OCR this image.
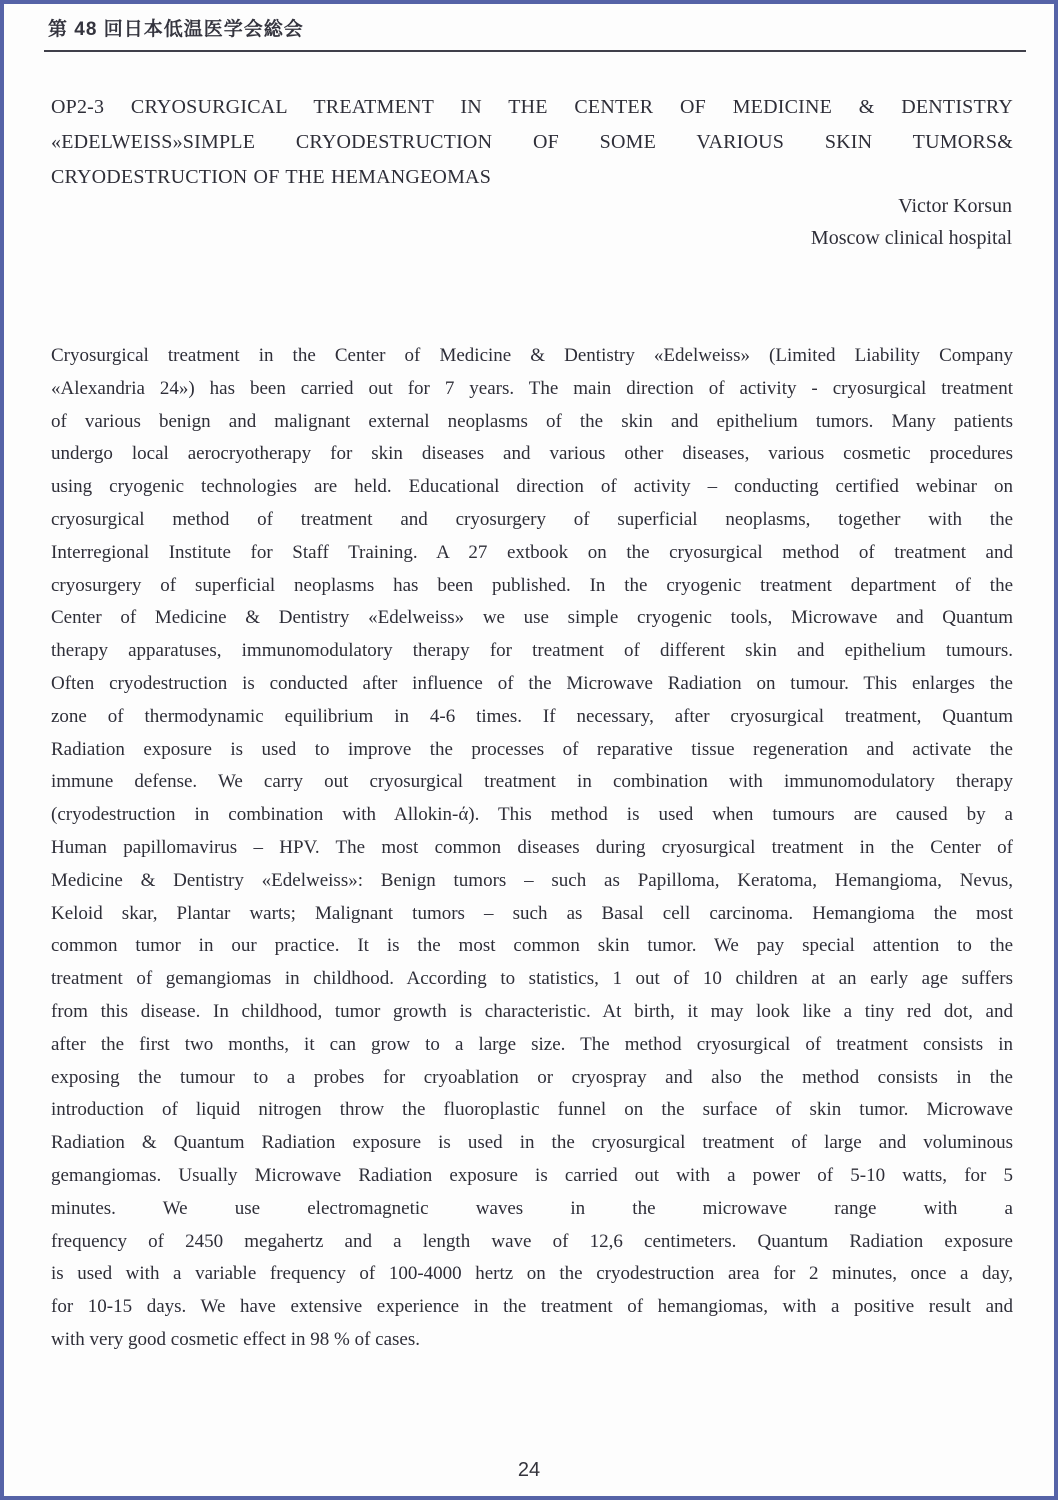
第 48 回日本低温医学会総会
OP2-3 CRYOSURGICAL TREATMENT IN THE CENTER OF MEDICINE & DENTISTRY
«EDELWEISS»SIMPLE CRYODESTRUCTION OF SOME VARIOUS SKIN TUMORS&
CRYODESTRUCTION OF THE HEMANGEOMAS
Victor Korsun
Moscow clinical hospital
Cryosurgical treatment in the Center of Medicine & Dentistry «Edelweiss» (Limited Liability Company
«Alexandria 24») has been carried out for 7 years. The main direction of activity - cryosurgical treatment
of various benign and malignant external neoplasms of the skin and epithelium tumors. Many patients
undergo local aerocryotherapy for skin diseases and various other diseases, various cosmetic procedures
using cryogenic technologies are held. Educational direction of activity – conducting certified webinar on
cryosurgical method of treatment and cryosurgery of superficial neoplasms, together with the
Interregional Institute for Staff Training. A 27 extbook on the cryosurgical method of treatment and
cryosurgery of superficial neoplasms has been published. In the cryogenic treatment department of the
Center of Medicine & Dentistry «Edelweiss» we use simple cryogenic tools, Microwave and Quantum
therapy apparatuses, immunomodulatory therapy for treatment of different skin and epithelium tumours.
Often cryodestruction is conducted after influence of the Microwave Radiation on tumour. This enlarges the
zone of thermodynamic equilibrium in 4-6 times. If necessary, after cryosurgical treatment, Quantum
Radiation exposure is used to improve the processes of reparative tissue regeneration and activate the
immune defense. We carry out cryosurgical treatment in combination with immunomodulatory therapy
(cryodestruction in combination with Allokin-ά). This method is used when tumours are caused by a
Human papillomavirus – HPV. The most common diseases during cryosurgical treatment in the Center of
Medicine & Dentistry «Edelweiss»: Benign tumors – such as Papilloma, Keratoma, Hemangioma, Nevus,
Keloid skar, Plantar warts; Malignant tumors – such as Basal cell carcinoma. Hemangioma the most
common tumor in our practice. It is the most common skin tumor. We pay special attention to the
treatment of gemangiomas in childhood. According to statistics, 1 out of 10 children at an early age suffers
from this disease. In childhood, tumor growth is characteristic. At birth, it may look like a tiny red dot, and
after the first two months, it can grow to a large size. The method cryosurgical of treatment consists in
exposing the tumour to a probes for cryoablation or cryospray and also the method consists in the
introduction of liquid nitrogen throw the fluoroplastic funnel on the surface of skin tumor. Microwave
Radiation & Quantum Radiation exposure is used in the cryosurgical treatment of large and voluminous
gemangiomas. Usually Microwave Radiation exposure is carried out with a power of 5-10 watts, for 5
minutes. We use electromagnetic waves in the microwave range with a
frequency of 2450 megahertz and a length wave of 12,6 centimeters. Quantum Radiation exposure
is used with a variable frequency of 100-4000 hertz on the cryodestruction area for 2 minutes, once a day,
for 10-15 days. We have extensive experience in the treatment of hemangiomas, with a positive result and
with very good cosmetic effect in 98 % of cases.
24
